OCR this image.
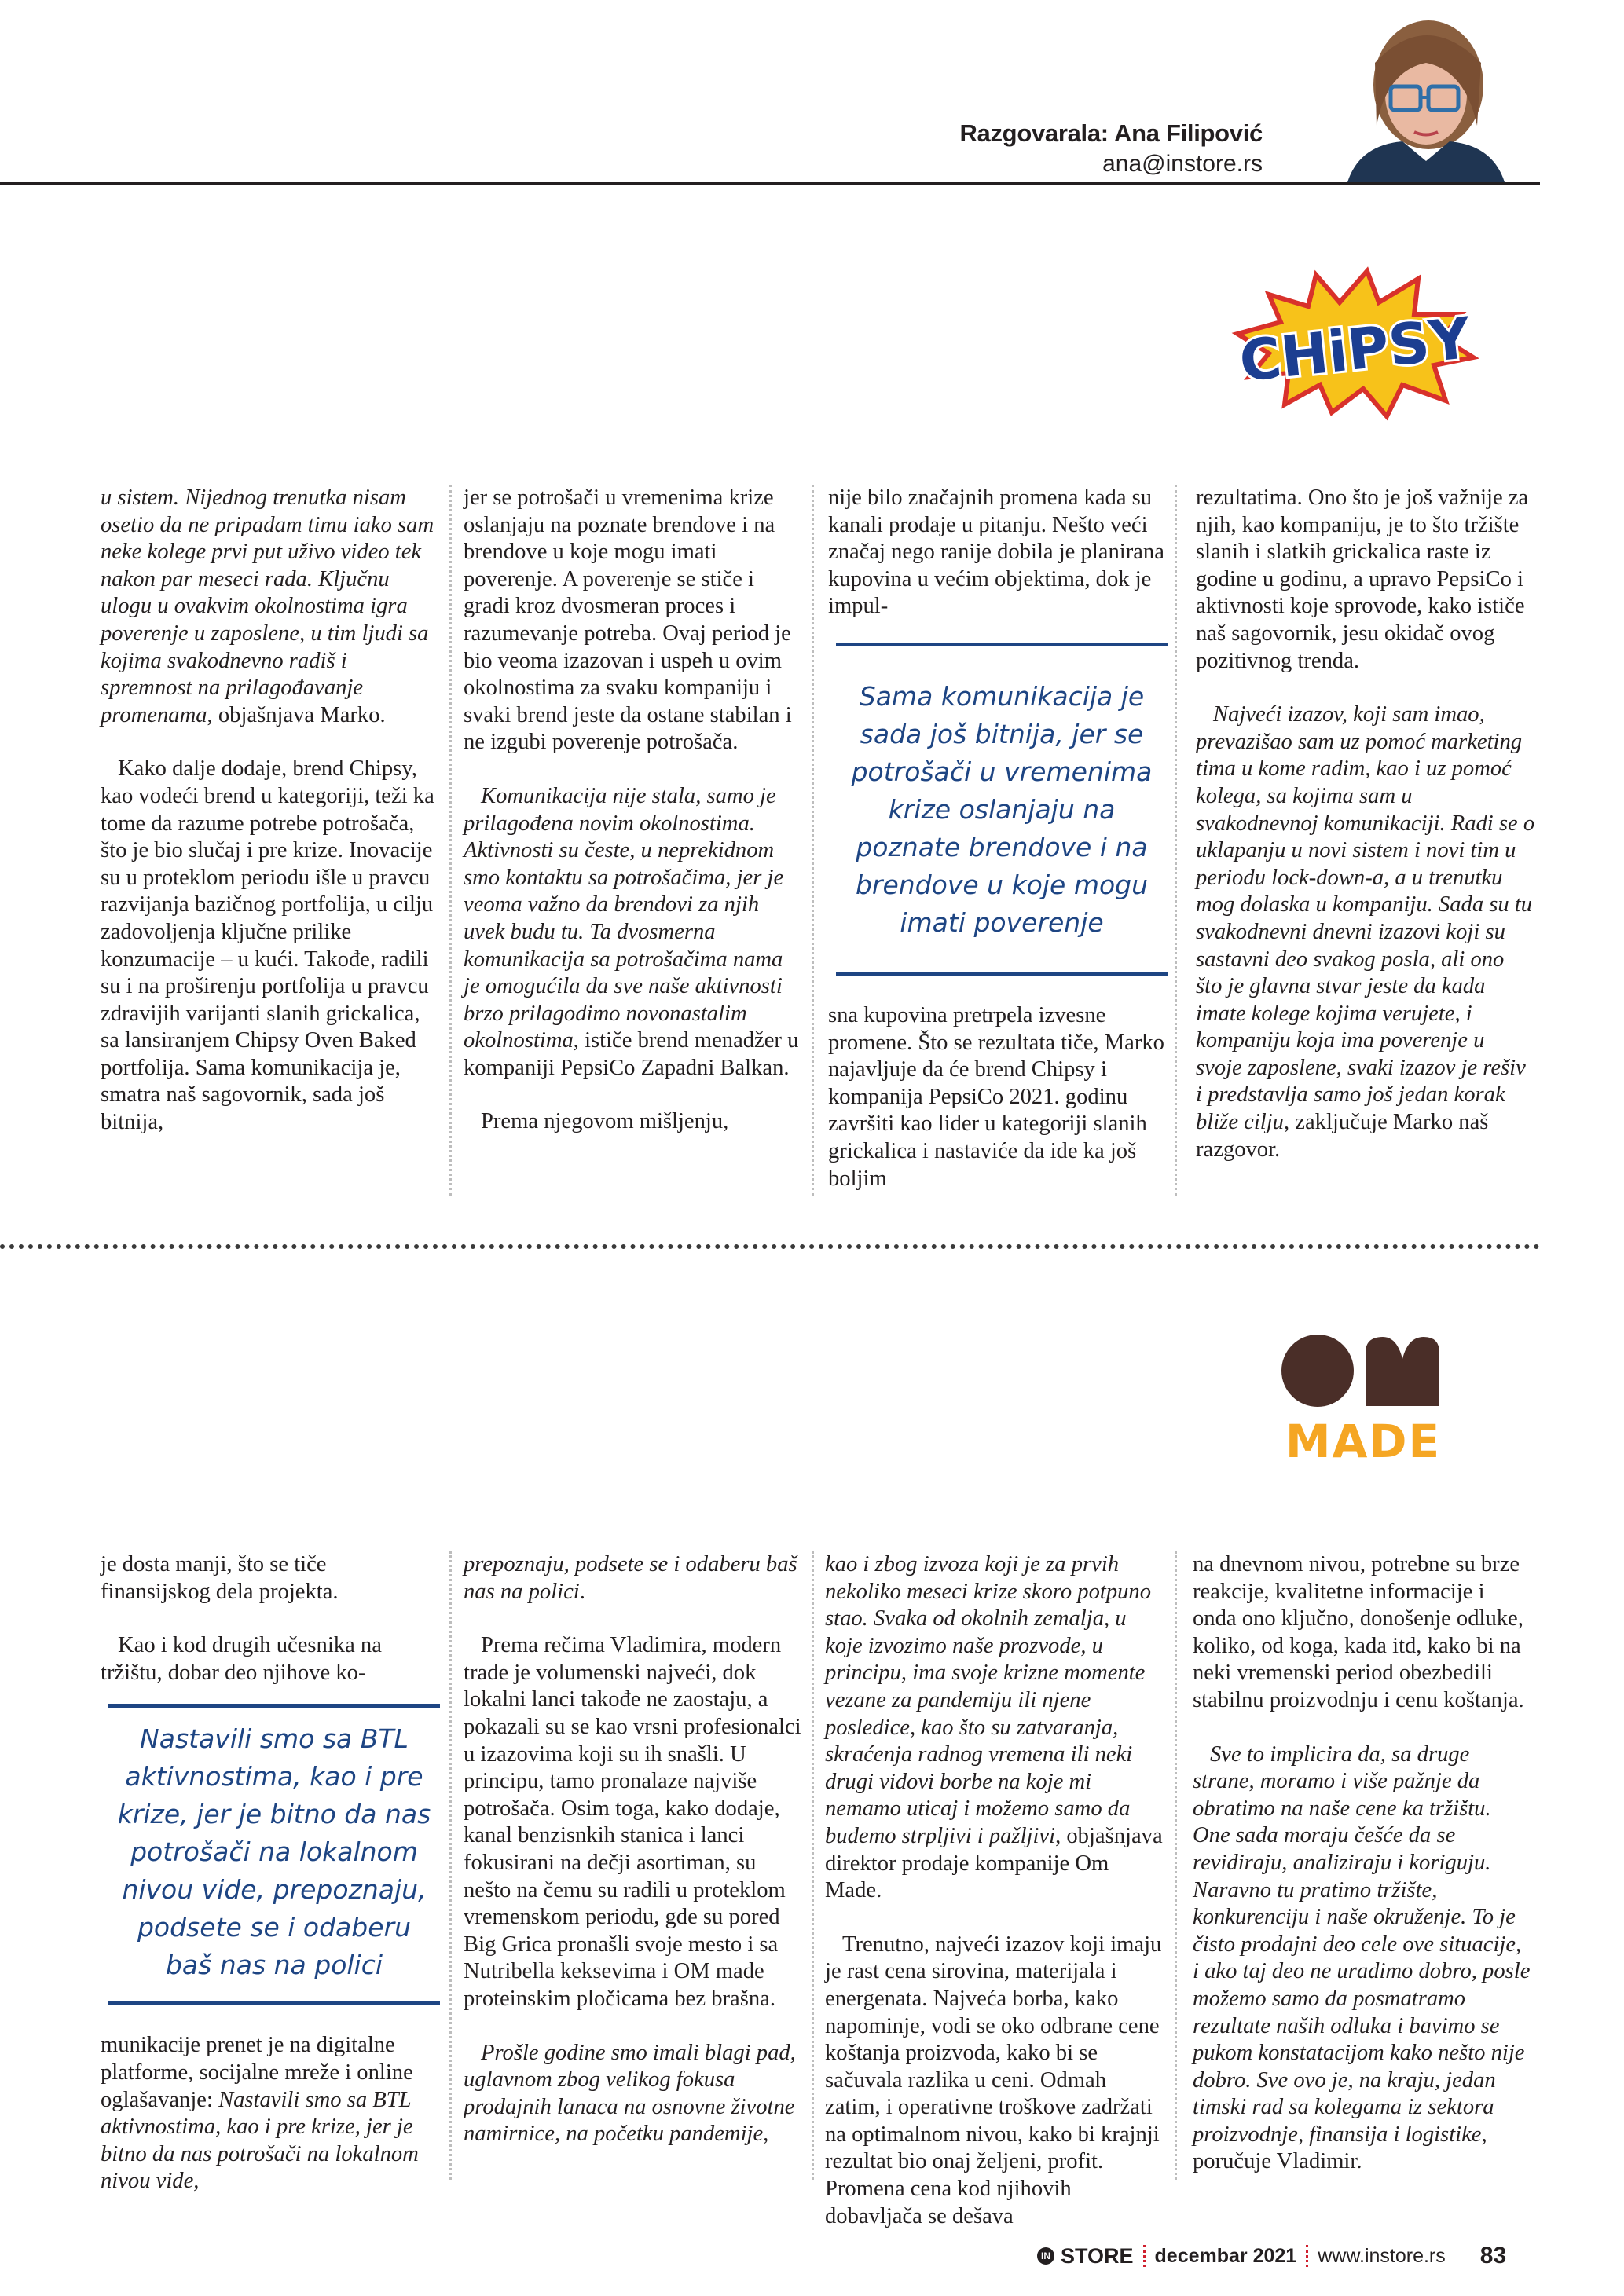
Razgovarala: Ana Filipović
ana@instore.rs
CHiPSY

u sistem. Nijednog trenutka nisam osetio da ne pripadam timu iako sam neke kolege prvi put uživo video tek nakon par meseci rada. Ključnu ulogu u ovakvim okolnostima igra poverenje u zaposlene, u tim ljudi sa kojima svakodnevno radiš i spremnost na prilagođavanje promenama, objašnjava Marko.

Kako dalje dodaje, brend Chipsy, kao vodeći brend u kategoriji, teži ka tome da razume potrebe potrošača, što je bio slučaj i pre krize. Inovacije su u proteklom periodu išle u pravcu razvijanja bazičnog portfolija, u cilju zadovoljenja ključne prilike konzumacije – u kući. Takođe, radili su i na proširenju portfolija u pravcu zdravijih varijanti slanih grickalica, sa lansiranjem Chipsy Oven Baked portfolija. Sama komunikacija je, smatra naš sagovornik, sada još bitnija,

jer se potrošači u vremenima krize oslanjaju na poznate brendove i na brendove u koje mogu imati poverenje. A poverenje se stiče i gradi kroz dvosmeran proces i razumevanje potreba. Ovaj period je bio veoma izazovan i uspeh u ovim okolnostima za svaku kompaniju i svaki brend jeste da ostane stabilan i ne izgubi poverenje potrošača.

Komunikacija nije stala, samo je prilagođena novim okolnostima. Aktivnosti su česte, u neprekidnom smo kontaktu sa potrošačima, jer je veoma važno da brendovi za njih uvek budu tu. Ta dvosmerna komunikacija sa potrošačima nama je omogućila da sve naše aktivnosti brzo prilagodimo novonastalim okolnostima, ističe brend menadžer u kompaniji PepsiCo Zapadni Balkan.

Prema njegovom mišljenju,

nije bilo značajnih promena kada su kanali prodaje u pitanju. Nešto veći značaj nego ranije dobila je planirana kupovina u većim objektima, dok je impul-

Sama komunikacija je sada još bitnija, jer se potrošači u vremenima krize oslanjaju na poznate brendove i na brendove u koje mogu imati poverenje

sna kupovina pretrpela izvesne promene. Što se rezultata tiče, Marko najavljuje da će brend Chipsy i kompanija PepsiCo 2021. godinu završiti kao lider u kategoriji slanih grickalica i nastaviće da ide ka još boljim

rezultatima. Ono što je još važnije za njih, kao kompaniju, je to što tržište slanih i slatkih grickalica raste iz godine u godinu, a upravo PepsiCo i aktivnosti koje sprovode, kako ističe naš sagovornik, jesu okidač ovog pozitivnog trenda.

Najveći izazov, koji sam imao, prevazišao sam uz pomoć marketing tima u kome radim, kao i uz pomoć kolega, sa kojima sam u svakodnevnoj komunikaciji. Radi se o uklapanju u novi sistem i novi tim u periodu lock-down-a, a u trenutku mog dolaska u kompaniju. Sada su tu svakodnevni dnevni izazovi koji su sastavni deo svakog posla, ali ono što je glavna stvar jeste da kada imate kolege kojima verujete, i kompaniju koja ima poverenje u svoje zaposlene, svaki izazov je rešiv i predstavlja samo još jedan korak bliže cilju, zaključuje Marko naš razgovor.

MADE

je dosta manji, što se tiče finansijskog dela projekta.

Kao i kod drugih učesnika na tržištu, dobar deo njihove ko-

Nastavili smo sa BTL aktivnostima, kao i pre krize, jer je bitno da nas potrošači na lokalnom nivou vide, prepoznaju, podsete se i odaberu baš nas na polici

munikacije prenet je na digitalne platforme, socijalne mreže i online oglašavanje: Nastavili smo sa BTL aktivnostima, kao i pre krize, jer je bitno da nas potrošači na lokalnom nivou vide,

prepoznaju, podsete se i odaberu baš nas na polici.

Prema rečima Vladimira, modern trade je volumenski najveći, dok lokalni lanci takođe ne zaostaju, a pokazali su se kao vrsni profesionalci u izazovima koji su ih snašli. U principu, tamo pronalaze najviše potrošača. Osim toga, kako dodaje, kanal benzisnkih stanica i lanci fokusirani na dečji asortiman, su nešto na čemu su radili u proteklom vremenskom periodu, gde su pored Big Grica pronašli svoje mesto i sa Nutribella keksevima i OM made proteinskim pločicama bez brašna.

Prošle godine smo imali blagi pad, uglavnom zbog velikog fokusa prodajnih lanaca na osnovne životne namirnice, na početku pandemije,

kao i zbog izvoza koji je za prvih nekoliko meseci krize skoro potpuno stao. Svaka od okolnih zemalja, u koje izvozimo naše prozvode, u principu, ima svoje krizne momente vezane za pandemiju ili njene posledice, kao što su zatvaranja, skraćenja radnog vremena ili neki drugi vidovi borbe na koje mi nemamo uticaj i možemo samo da budemo strpljivi i pažljivi, objašnjava direktor prodaje kompanije Om Made.

Trenutno, najveći izazov koji imaju je rast cena sirovina, materijala i energenata. Najveća borba, kako napominje, vodi se oko odbrane cene koštanja proizvoda, kako bi se sačuvala razlika u ceni. Odmah zatim, i operativne troškove zadržati na optimalnom nivou, kako bi krajnji rezultat bio onaj željeni, profit. Promena cena kod njihovih dobavljača se dešava

na dnevnom nivou, potrebne su brze reakcije, kvalitetne informacije i onda ono ključno, donošenje odluke, koliko, od koga, kada itd, kako bi na neki vremenski period obezbedili stabilnu proizvodnju i cenu koštanja.

Sve to implicira da, sa druge strane, moramo i više pažnje da obratimo na naše cene ka tržištu. One sada moraju češće da se revidiraju, analiziraju i koriguju. Naravno tu pratimo tržište, konkurenciju i naše okruženje. To je čisto prodajni deo cele ove situacije, i ako taj deo ne uradimo dobro, posle možemo samo da posmatramo rezultate naših odluka i bavimo se pukom konstatacijom kako nešto nije dobro. Sve ovo je, na kraju, jedan timski rad sa kolegama iz sektora proizvodnje, finansija i logistike, poručuje Vladimir.

IN STORE decembar 2021 www.instore.rs 83
